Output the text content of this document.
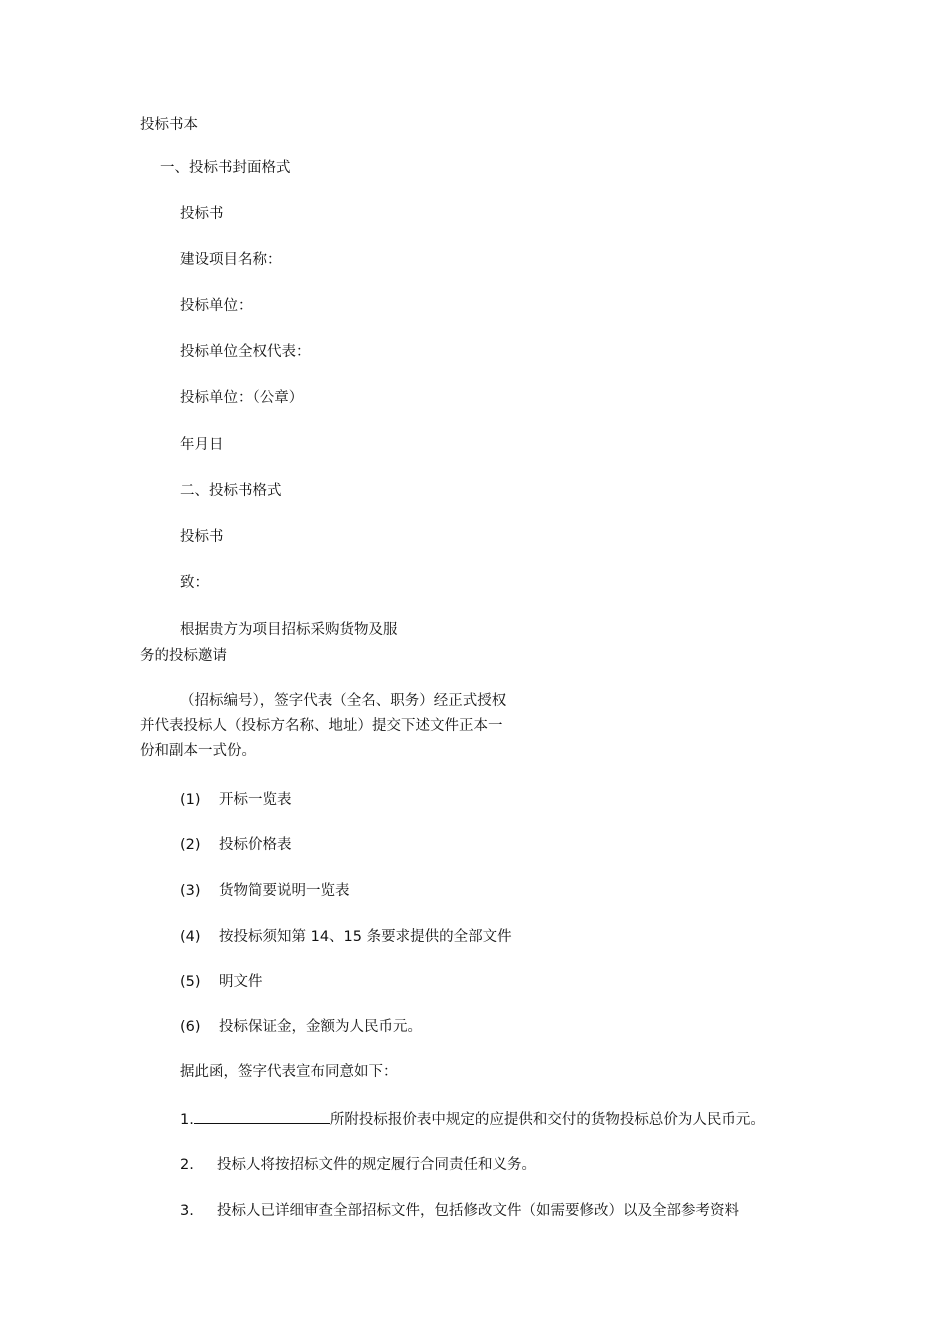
投标书本

一、投标书封面格式

投标书

建设项目名称：

投标单位：

投标单位全权代表：

投标单位：（公章）

年月日

二、投标书格式

投标书

致：

根据贵方为项目招标采购货物及服

务的投标邀请

（招标编号），签字代表（全名、职务）经正式授权

并代表投标人（投标方名称、地址）提交下述文件正本一

份和副本一式份。

(1) 开标一览表

(2) 投标价格表

(3) 货物简要说明一览表

(4) 按投标须知第 14、15 条要求提供的全部文件

(5) 明文件

(6) 投标保证金，金额为人民币元。

据此函，签字代表宣布同意如下：

1.	所附投标报价表中规定的应提供和交付的货物投标总价为人民币元。

2. 投标人将按招标文件的规定履行合同责任和义务。

3. 投标人已详细审查全部招标文件，包括修改文件（如需要修改）以及全部参考资料
